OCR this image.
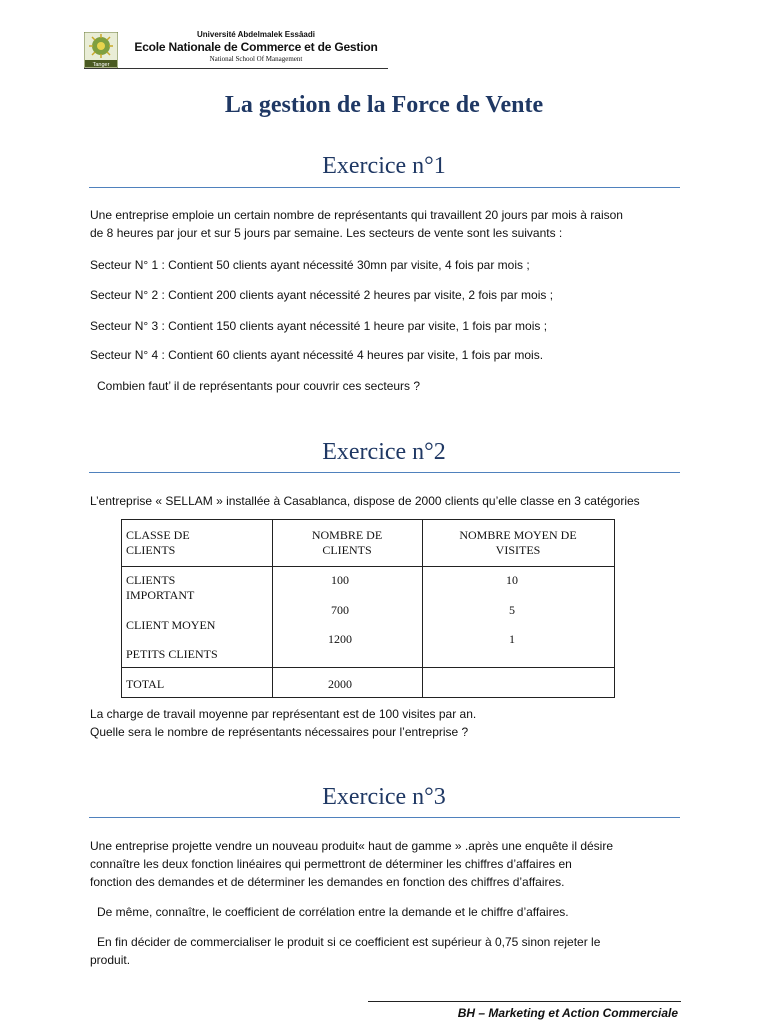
Tanger
Université Abdelmalek Essâadi
Ecole Nationale de Commerce et de Gestion
National School Of Management
La gestion de la Force de Vente
Exercice n°1
Une entreprise emploie un certain nombre de représentants qui travaillent 20 jours par mois à raison
de 8 heures par jour et sur 5 jours par semaine. Les secteurs de vente sont les suivants :
Secteur N° 1 : Contient 50 clients ayant nécessité 30mn par visite, 4 fois par mois ;
Secteur N° 2 : Contient 200 clients ayant nécessité 2 heures par visite, 2 fois par mois ;
Secteur N° 3 : Contient 150 clients ayant nécessité 1 heure par visite, 1 fois par mois ;
Secteur N° 4 : Contient 60 clients ayant nécessité 4 heures par visite, 1 fois par mois.
Combien faut’ il de représentants pour couvrir ces secteurs ?
Exercice n°2
L’entreprise « SELLAM » installée à Casablanca, dispose de 2000 clients qu’elle classe en 3 catégories
CLASSE DE
CLIENTS
NOMBRE DE
CLIENTS
NOMBRE MOYEN DE
VISITES
CLIENTS
IMPORTANT
CLIENT MOYEN
PETITS CLIENTS
100
700
1200
10
5
1
TOTAL	2000
La charge de travail moyenne par représentant est de 100 visites par an.
Quelle sera le nombre de représentants nécessaires pour l’entreprise ?
Exercice n°3
Une entreprise projette vendre un nouveau produit« haut de gamme » .après une enquête il désire
connaître les deux fonction linéaires qui permettront de déterminer les chiffres d’affaires en
fonction des demandes et de déterminer les demandes en fonction des chiffres d’affaires.
De même, connaître, le coefficient de corrélation entre la demande et le chiffre d’affaires.
En fin décider de commercialiser le produit si ce coefficient est supérieur à 0,75 sinon rejeter le
produit.
BH – Marketing et Action Commerciale
